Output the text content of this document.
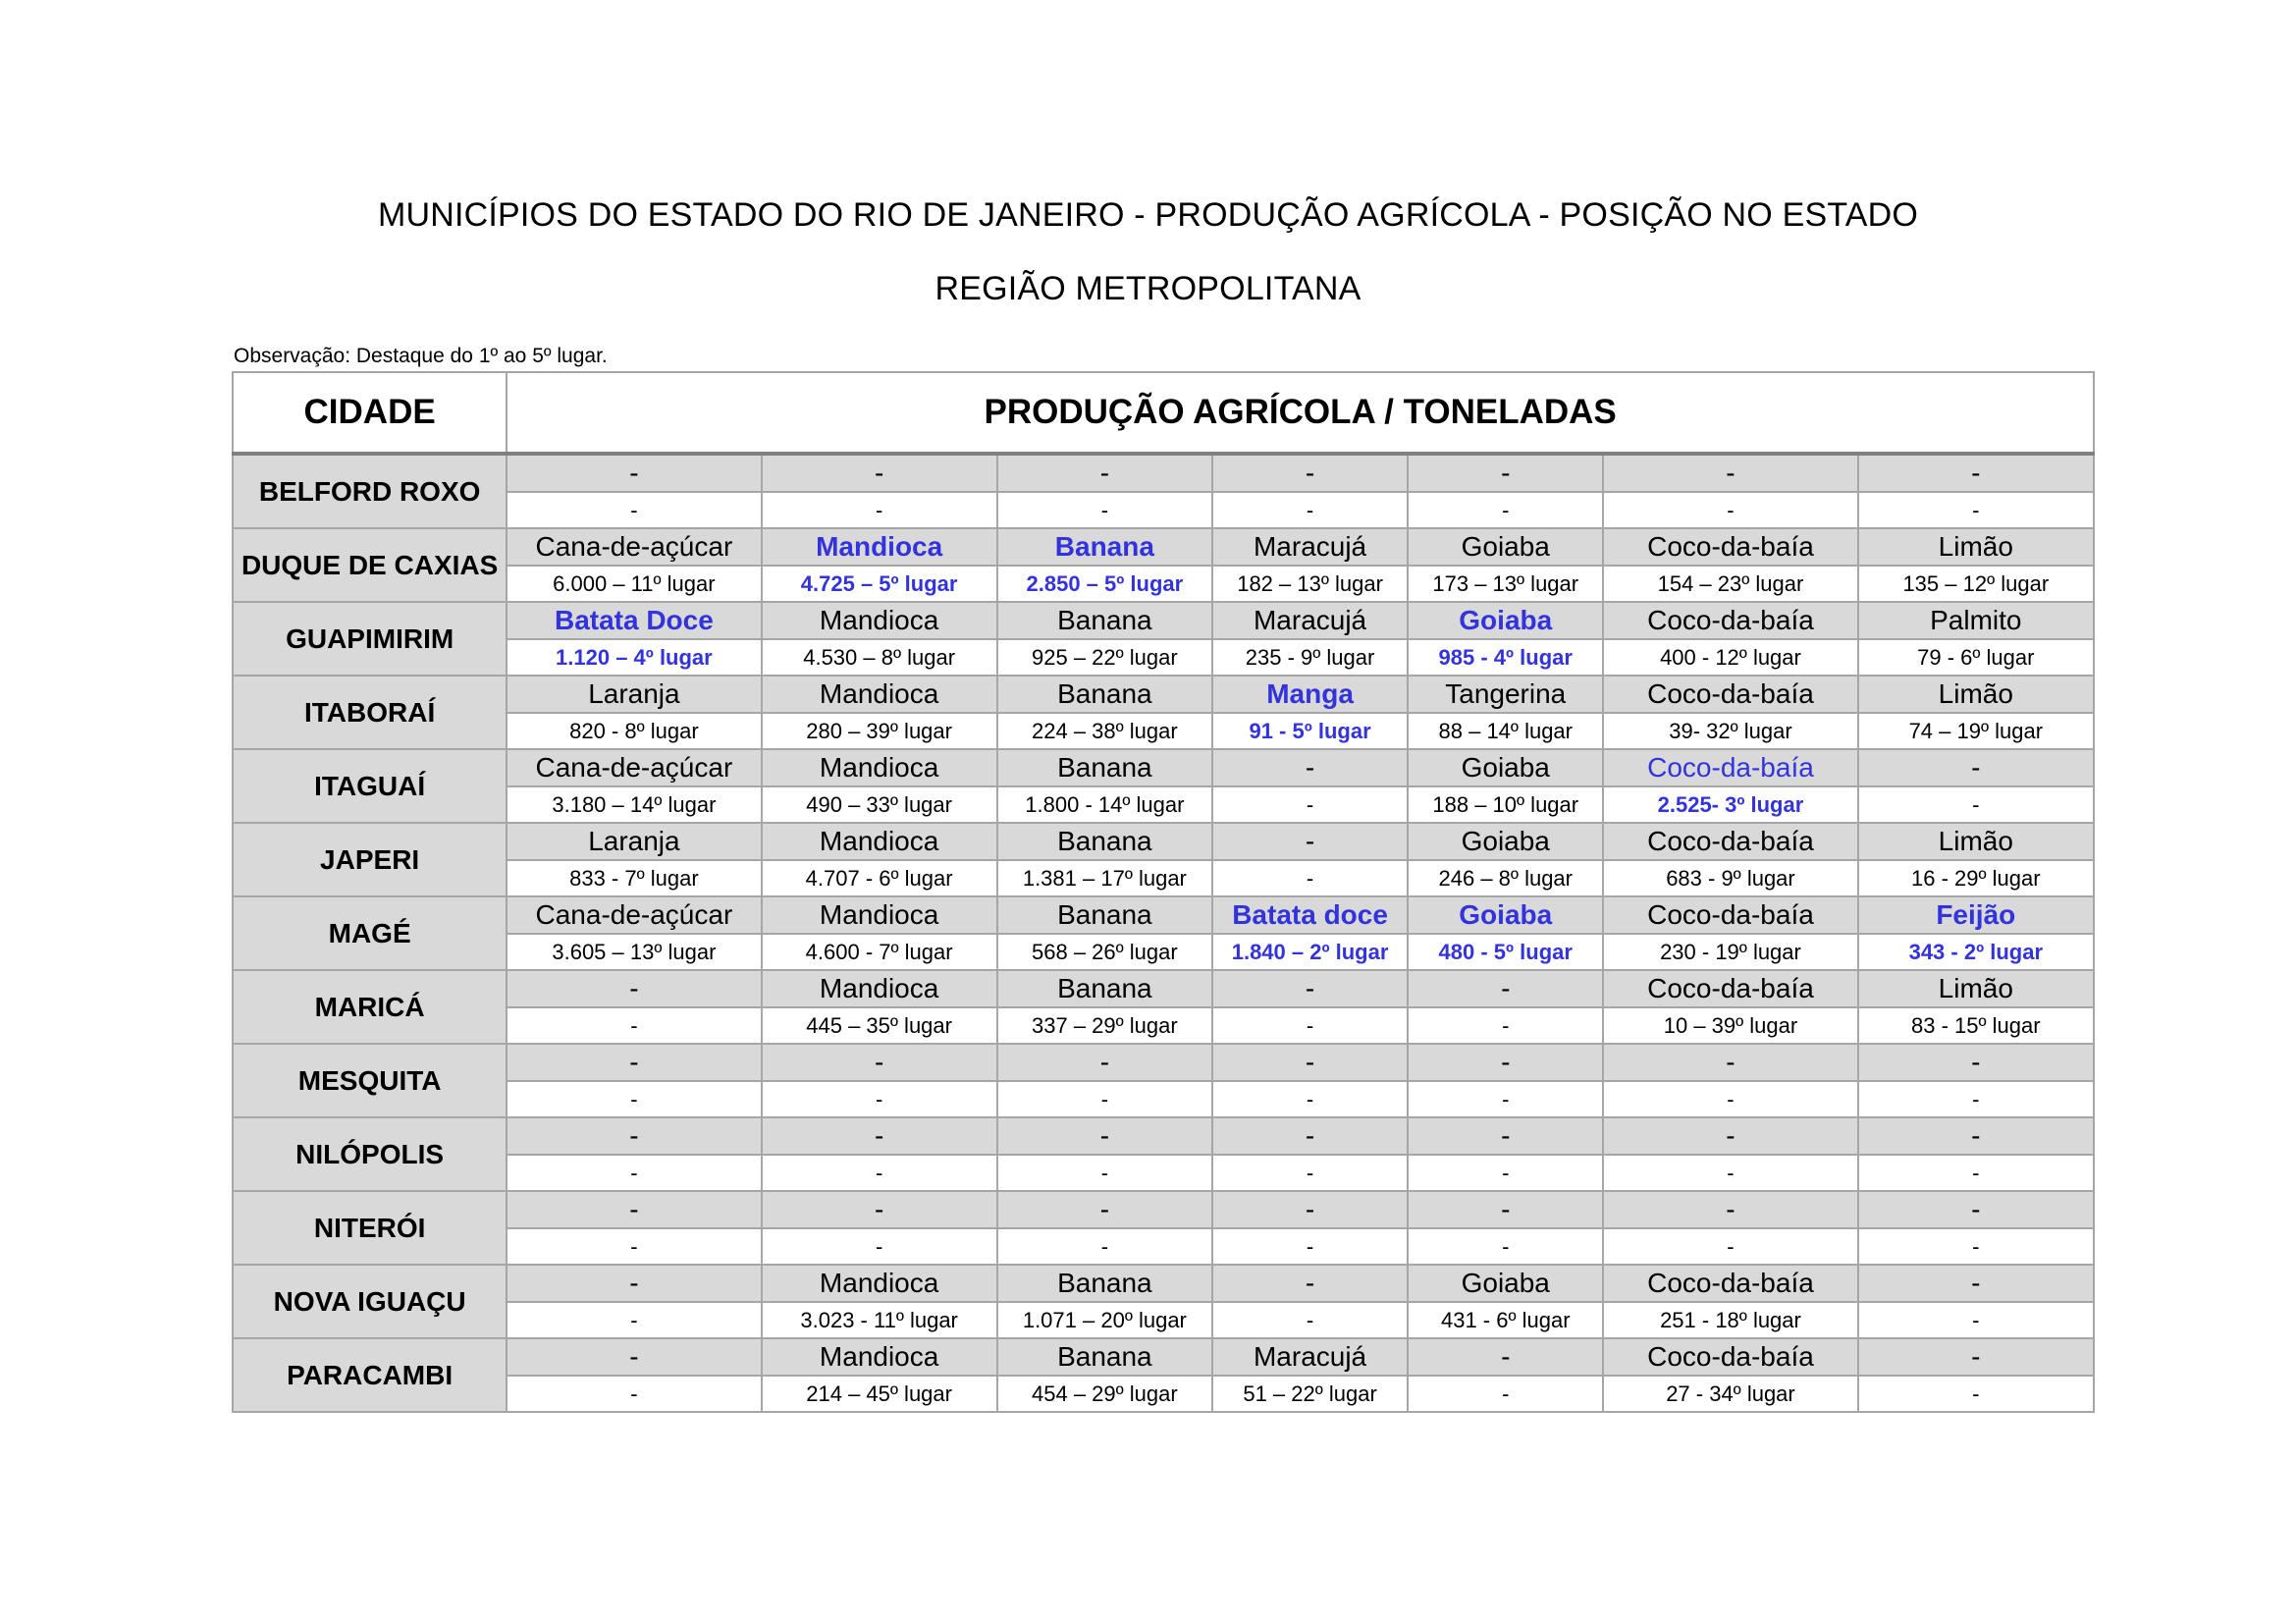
MUNICÍPIOS DO ESTADO DO RIO DE JANEIRO - PRODUÇÃO AGRÍCOLA - POSIÇÃO NO ESTADO
REGIÃO METROPOLITANA
Observação: Destaque do 1º ao 5º lugar.
CIDADE	PRODUÇÃO AGRÍCOLA / TONELADAS						
BELFORD ROXO	-	-	-	-	-	-	-
	-	-	-	-	-	-	-
DUQUE DE CAXIAS	Cana-de-açúcar	Mandioca	Banana	Maracujá	Goiaba	Coco-da-baía	Limão
	6.000 – 11º lugar	4.725 – 5º lugar	2.850 – 5º lugar	182 – 13º lugar	173 – 13º lugar	154 – 23º lugar	135 – 12º lugar
GUAPIMIRIM	Batata Doce	Mandioca	Banana	Maracujá	Goiaba	Coco-da-baía	Palmito
	1.120 – 4º lugar	4.530 – 8º lugar	925 – 22º lugar	235 - 9º lugar	985 - 4º lugar	400 - 12º lugar	79 - 6º lugar
ITABORAÍ	Laranja	Mandioca	Banana	Manga	Tangerina	Coco-da-baía	Limão
	820 - 8º lugar	280 – 39º lugar	224 – 38º lugar	91 - 5º lugar	88 – 14º lugar	39- 32º lugar	74 – 19º lugar
ITAGUAÍ	Cana-de-açúcar	Mandioca	Banana	-	Goiaba	Coco-da-baía	-
	3.180 – 14º lugar	490 – 33º lugar	1.800 - 14º lugar	-	188 – 10º lugar	2.525- 3º lugar	-
JAPERI	Laranja	Mandioca	Banana	-	Goiaba	Coco-da-baía	Limão
	833 - 7º lugar	4.707 - 6º lugar	1.381 – 17º lugar	-	246 – 8º lugar	683 - 9º lugar	16 - 29º lugar
MAGÉ	Cana-de-açúcar	Mandioca	Banana	Batata doce	Goiaba	Coco-da-baía	Feijão
	3.605 – 13º lugar	4.600 - 7º lugar	568 – 26º lugar	1.840 – 2º lugar	480 - 5º lugar	230 - 19º lugar	343 - 2º lugar
MARICÁ	-	Mandioca	Banana	-	-	Coco-da-baía	Limão
	-	445 – 35º lugar	337 – 29º lugar	-	-	10 – 39º lugar	83 - 15º lugar
MESQUITA	-	-	-	-	-	-	-
	-	-	-	-	-	-	-
NILÓPOLIS	-	-	-	-	-	-	-
	-	-	-	-	-	-	-
NITERÓI	-	-	-	-	-	-	-
	-	-	-	-	-	-	-
NOVA IGUAÇU	-	Mandioca	Banana	-	Goiaba	Coco-da-baía	-
	-	3.023 - 11º lugar	1.071 – 20º lugar	-	431 - 6º lugar	251 - 18º lugar	-
PARACAMBI	-	Mandioca	Banana	Maracujá	-	Coco-da-baía	-
	-	214 – 45º lugar	454 – 29º lugar	51 – 22º lugar	-	27 - 34º lugar	-
